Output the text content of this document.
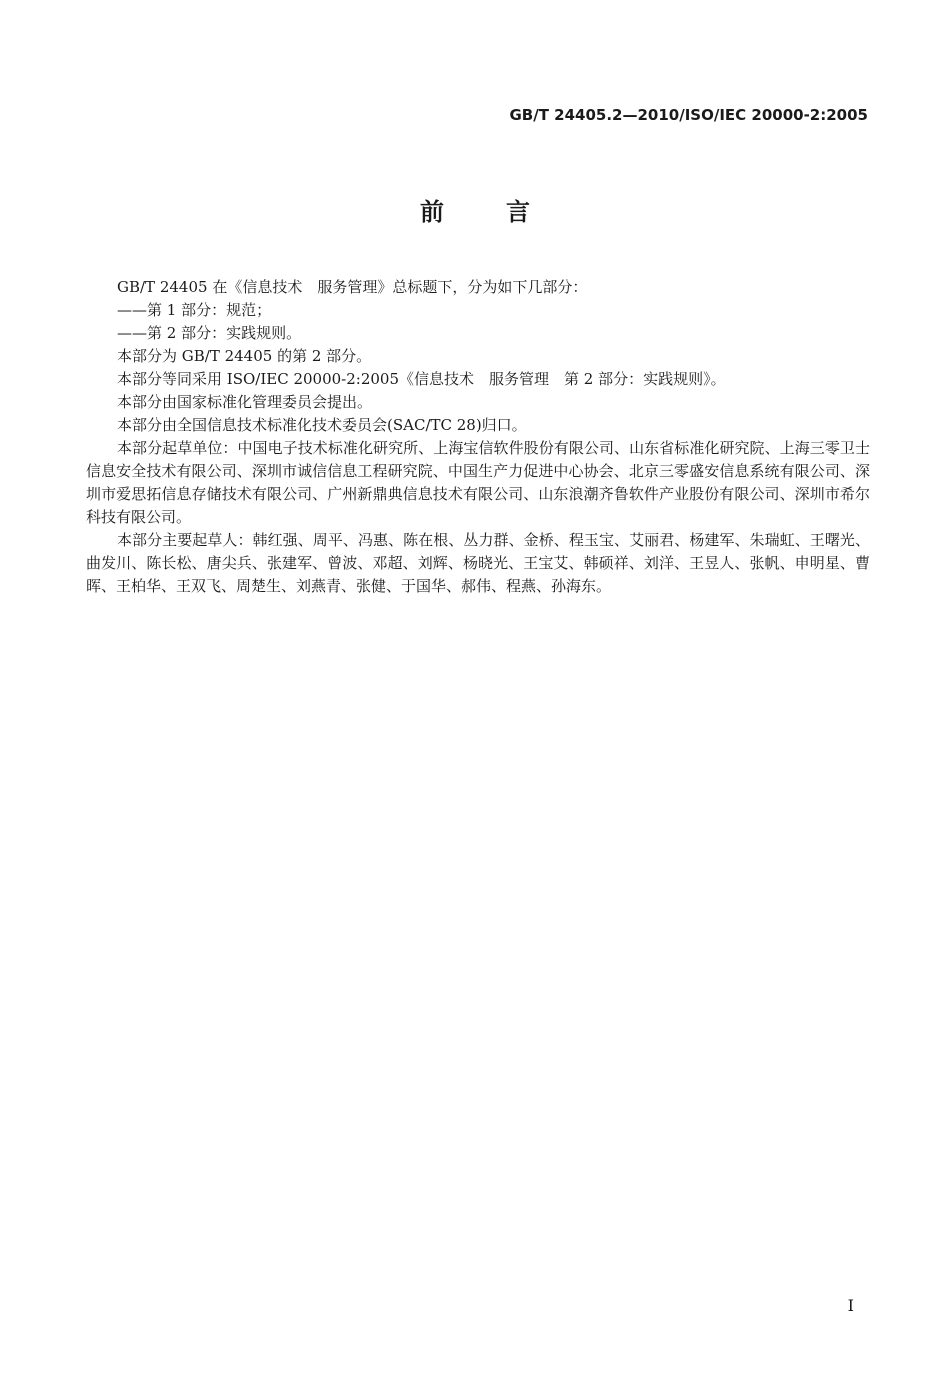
GB/T 24405.2—2010/ISO/IEC 20000-2:2005
前言

GB/T 24405 在《信息技术　服务管理》总标题下，分为如下几部分：

——第 1 部分：规范；

——第 2 部分：实践规则。

本部分为 GB/T 24405 的第 2 部分。

本部分等同采用 ISO/IEC 20000-2:2005《信息技术　服务管理　第 2 部分：实践规则》。

本部分由国家标准化管理委员会提出。

本部分由全国信息技术标准化技术委员会(SAC/TC 28)归口。

本部分起草单位：中国电子技术标准化研究所、上海宝信软件股份有限公司、山东省标准化研究院、上海三零卫士信息安全技术有限公司、深圳市诚信信息工程研究院、中国生产力促进中心协会、北京三零盛安信息系统有限公司、深圳市爱思拓信息存储技术有限公司、广州新鼎典信息技术有限公司、山东浪潮齐鲁软件产业股份有限公司、深圳市希尔科技有限公司。

本部分主要起草人：韩红强、周平、冯惠、陈在根、丛力群、金桥、程玉宝、艾丽君、杨建军、朱瑞虹、王曙光、曲发川、陈长松、唐尖兵、张建军、曾波、邓超、刘辉、杨晓光、王宝艾、韩硕祥、刘洋、王昱人、张帆、申明星、曹晖、王柏华、王双飞、周楚生、刘燕青、张健、于国华、郝伟、程燕、孙海东。

I
